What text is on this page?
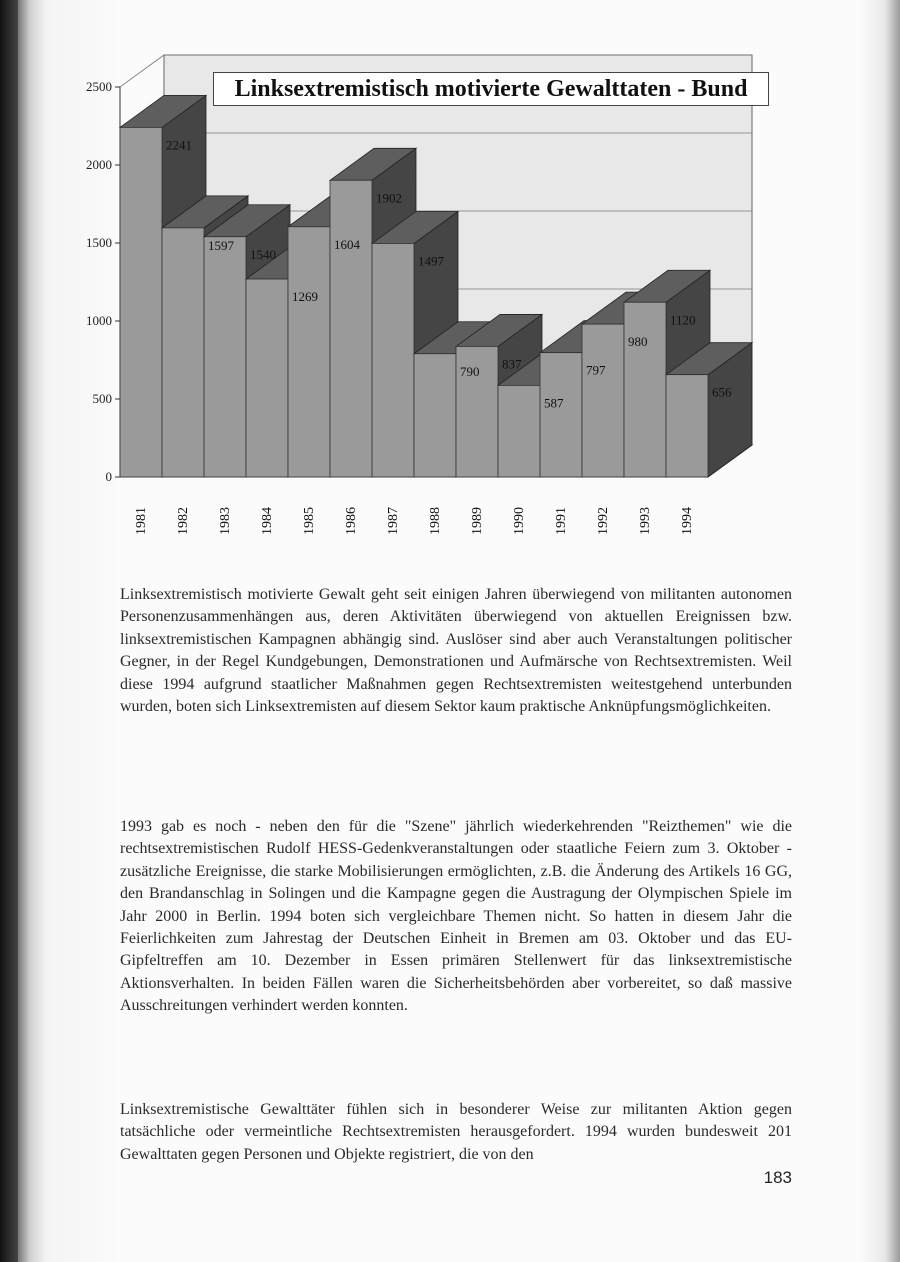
0
500
1000
1500
2000
2500
2241
1597
1540
1269
1604
1902
1497
790 837
587
797
980
1120
656
1981 1982 1983 1984 1985 1986 1987 1988 1989 1990 1991 1992 1993 1994
Linksextremistisch motivierte Gewalttaten - Bund

Linksextremistisch motivierte Gewalt geht seit einigen Jahren überwiegend von militanten autonomen Personenzusammenhängen aus, deren Aktivitäten überwiegend von aktuellen Ereignissen bzw. linksextremistischen Kampagnen abhängig sind. Auslöser sind aber auch Veranstaltungen politischer Gegner, in der Regel Kundgebungen, Demonstrationen und Aufmärsche von Rechtsextremisten. Weil diese 1994 aufgrund staatlicher Maßnahmen gegen Rechtsextremisten weitestgehend unterbunden wurden, boten sich Linksextremisten auf diesem Sektor kaum praktische Anknüpfungsmöglichkeiten.

1993 gab es noch - neben den für die "Szene" jährlich wiederkehrenden "Reizthemen" wie die rechtsextremistischen Rudolf HESS-Gedenkveranstaltungen oder staatliche Feiern zum 3. Oktober - zusätzliche Ereignisse, die starke Mobilisierungen ermöglichten, z.B. die Änderung des Artikels 16 GG, den Brandanschlag in Solingen und die Kampagne gegen die Austragung der Olympischen Spiele im Jahr 2000 in Berlin. 1994 boten sich vergleichbare Themen nicht. So hatten in diesem Jahr die Feierlichkeiten zum Jahrestag der Deutschen Einheit in Bremen am 03. Oktober und das EU-Gipfeltreffen am 10. Dezember in Essen primären Stellenwert für das linksextremistische Aktionsverhalten. In beiden Fällen waren die Sicherheitsbehörden aber vorbereitet, so daß massive Ausschreitungen verhindert werden konnten.

Linksextremistische Gewalttäter fühlen sich in besonderer Weise zur militanten Aktion gegen tatsächliche oder vermeintliche Rechtsextremisten herausgefordert. 1994 wurden bundesweit 201 Gewalttaten gegen Personen und Objekte registriert, die von den

183
